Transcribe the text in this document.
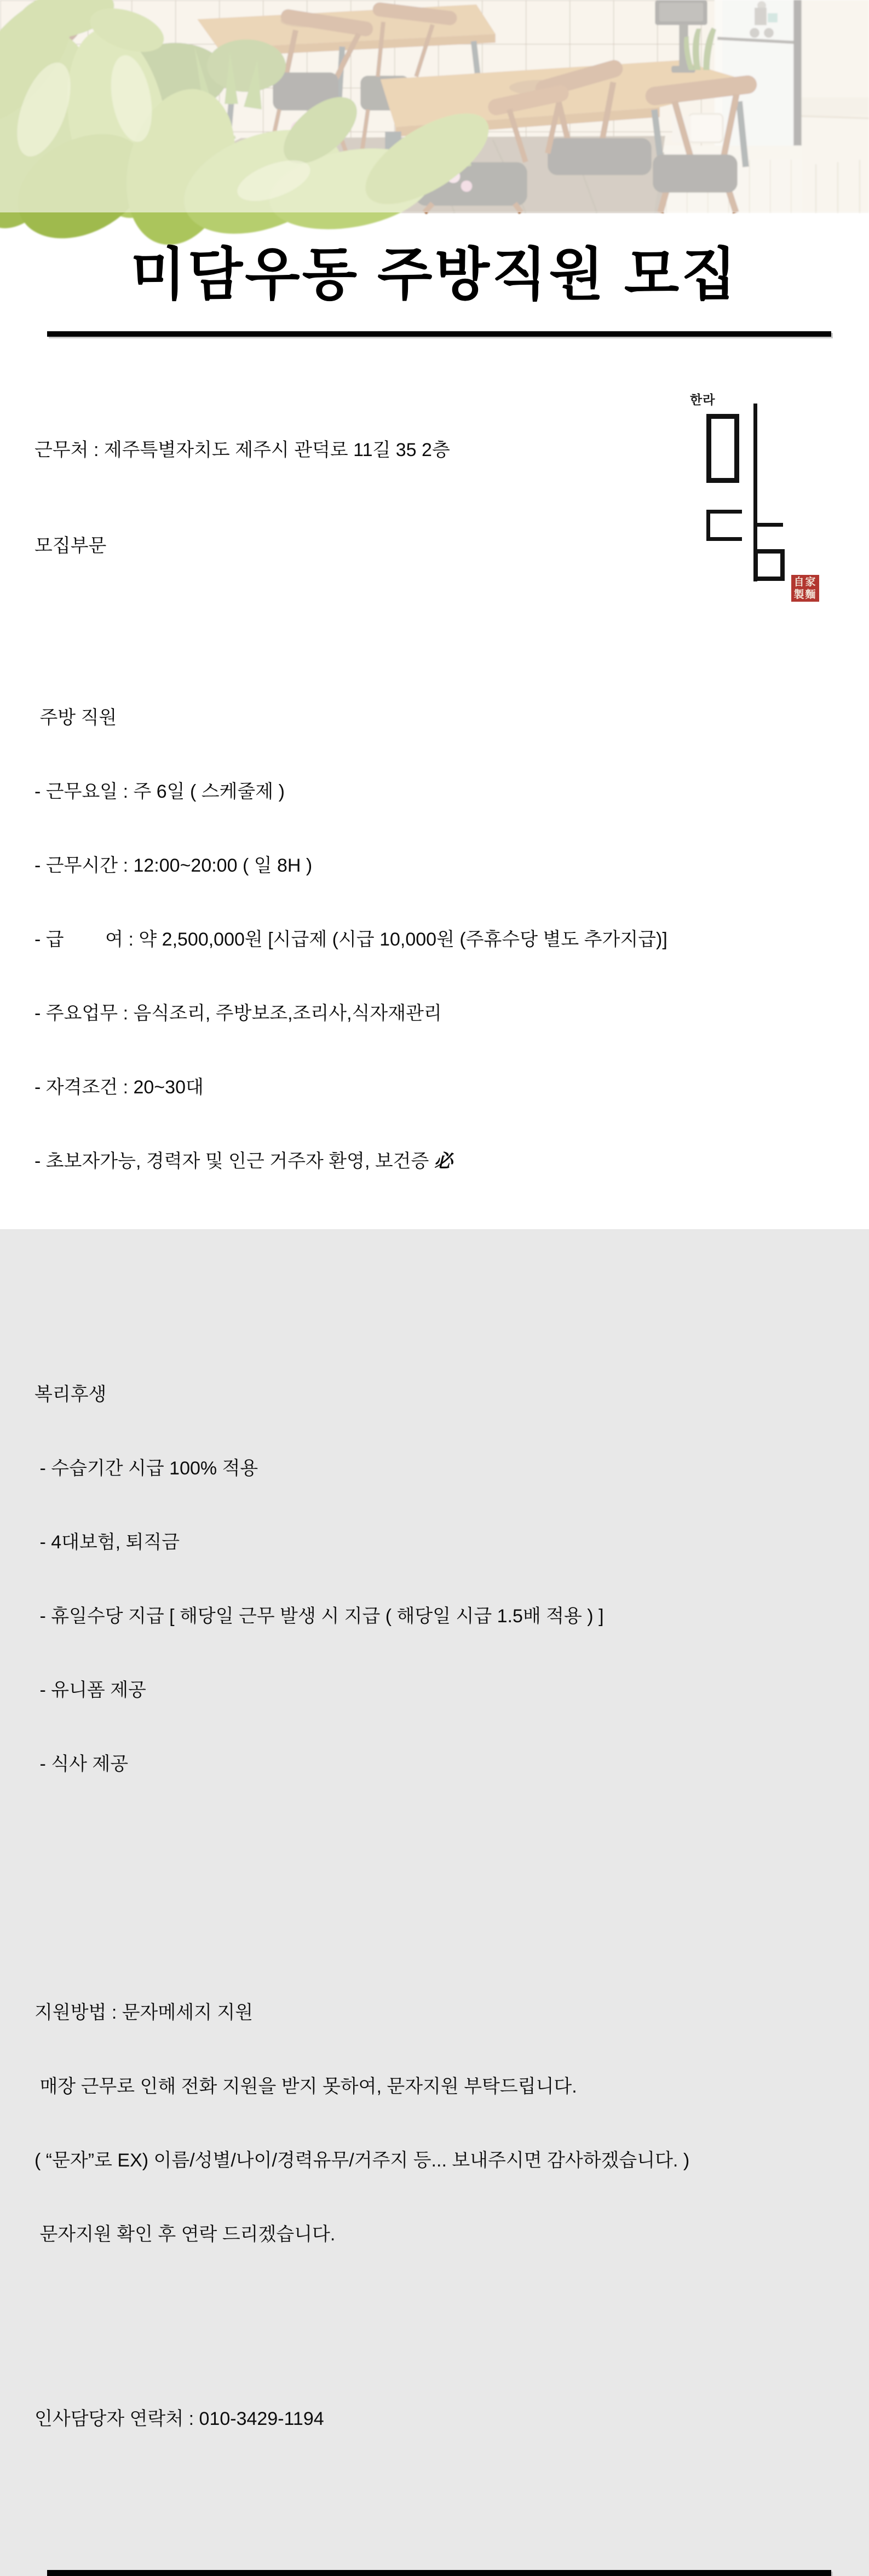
미담우동 주방직원 모집

근무처 : 제주특별자치도 제주시 관덕로 11길 35 2층

모집부문

주방 직원

- 근무요일 : 주 6일 ( 스케줄제 )

- 근무시간 : 12:00~20:00 ( 일 8H )

- 급        여 : 약 2,500,000원 [시급제 (시급 10,000원 (주휴수당 별도 추가지급)]

- 주요업무 : 음식조리, 주방보조,조리사,식자재관리

- 자격조건 : 20~30대

- 초보자가능, 경력자 및 인근 거주자 환영, 보건증 必

복리후생

- 수습기간 시급 100% 적용

- 4대보험, 퇴직금

- 휴일수당 지급 [ 해당일 근무 발생 시 지급 ( 해당일 시급 1.5배 적용 ) ]

- 유니폼 제공

- 식사 제공

지원방법 : 문자메세지 지원

매장 근무로 인해 전화 지원을 받지 못하여, 문자지원 부탁드립니다.

( “문자”로 EX) 이름/성별/나이/경력유무/거주지 등... 보내주시면 감사하겠습니다. )

문자지원 확인 후 연락 드리겠습니다.

인사담당자 연락처 : 010-3429-1194

한라
自家
製麵
